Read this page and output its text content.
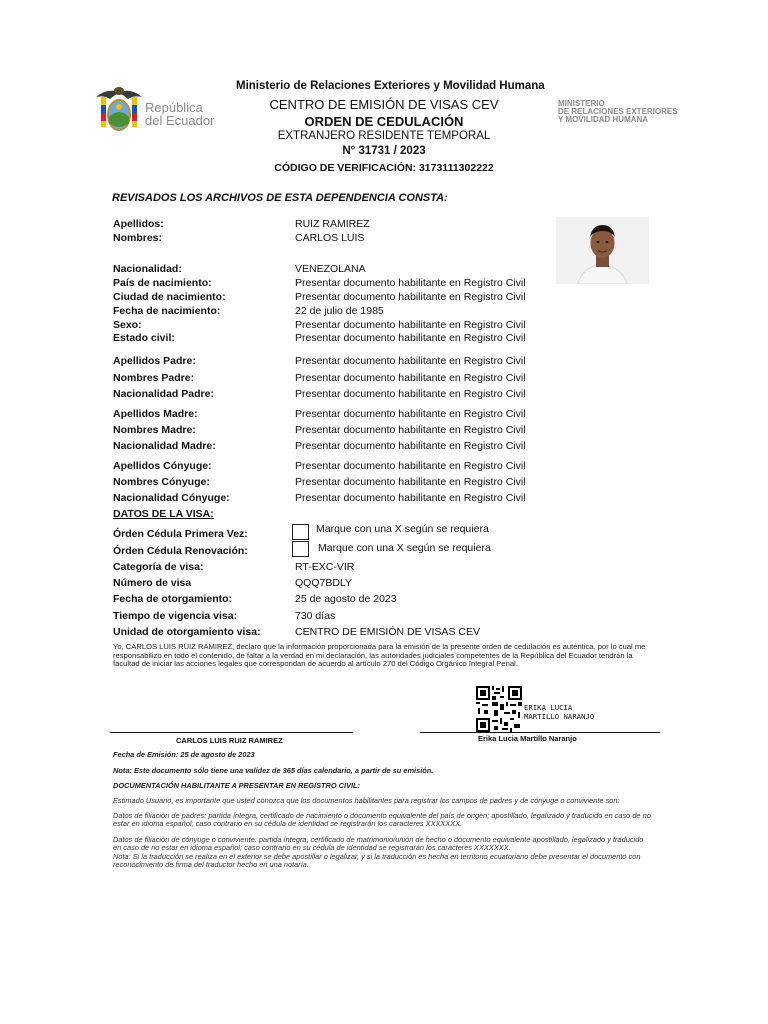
República
del Ecuador
Ministerio de Relaciones Exteriores y Movilidad Humana
CENTRO DE EMISIÓN DE VISAS CEV
ORDEN DE CEDULACIÓN
EXTRANJERO RESIDENTE TEMPORAL
N° 31731 / 2023
CÓDIGO DE VERIFICACIÓN: 3173111302222
MINISTERIO
DE RELACIONES EXTERIORES
Y MOVILIDAD HUMANA
REVISADOS LOS ARCHIVOS DE ESTA DEPENDENCIA CONSTA:
Apellidos:	RUIZ RAMIREZ
Nombres:	CARLOS LUIS
Nacionalidad:	VENEZOLANA
País de nacimiento:	Presentar documento habilitante en Registro Civil
Ciudad de nacimiento:	Presentar documento habilitante en Registro Civil
Fecha de nacimiento:	22 de julio de 1985
Sexo:	Presentar documento habilitante en Registro Civil
Estado civil:	Presentar documento habilitante en Registro Civil
Apellidos Padre:	Presentar documento habilitante en Registro Civil
Nombres Padre:	Presentar documento habilitante en Registro Civil
Nacionalidad Padre:	Presentar documento habilitante en Registro Civil
Apellidos Madre:	Presentar documento habilitante en Registro Civil
Nombres Madre:	Presentar documento habilitante en Registro Civil
Nacionalidad Madre:	Presentar documento habilitante en Registro Civil
Apellidos Cónyuge:	Presentar documento habilitante en Registro Civil
Nombres Cónyuge:	Presentar documento habilitante en Registro Civil
Nacionalidad Cónyuge:	Presentar documento habilitante en Registro Civil
DATOS DE LA VISA:
Órden Cédula Primera Vez:	Marque con una X según se requiera
Órden Cédula Renovación:	Marque con una X según se requiera
Categoría de visa:	RT-EXC-VIR
Número de visa	QQQ7BDLY
Fecha de otorgamiento:	25 de agosto de 2023
Tiempo de vigencia visa:	730 días
Unidad de otorgamiento visa:	CENTRO DE EMISIÓN DE VISAS CEV
Yo, CARLOS LUIS RUIZ RAMIREZ, declaro que la información proporcionada para la emisión de la presente orden de cedulación es auténtica, por lo cual me responsabilizo en todo el contenido, de faltar a la verdad en mi declaración, las autoridades judiciales competentes de la República del Ecuador tendrán la facultad de iniciar las acciones legales que correspondan de acuerdo al artículo 270 del Código Orgánico Integral Penal.
ERIKA LUCIA
MARTILLO NARANJO
CARLOS LUIS RUIZ RAMIREZ	Erika Lucia Martillo Naranjo
Fecha de Emisión: 25 de agosto de 2023
Nota: Este documento sólo tiene una validez de 365 días calendario, a partir de su emisión.
DOCUMENTACIÓN HABILITANTE A PRESENTAR EN REGISTRO CIVIL:
Estimado Usuario, es importante que usted conozca que los documentos habilitantes para registrar los campos de padres y de cónyuge o conviviente son:
Datos de filiación de padres: partida íntegra, certificado de nacimiento o documento equivalente del país de origen; apostillado, legalizado y traducido en caso de no estar en idioma español; caso contrario en su cédula de identidad se registrarán los caracteres XXXXXXX.
Datos de filiación de cónyuge o conviviente: partida íntegra, certificado de matrimonio/unión de hecho o documento equivalente apostillado, legalizado y traducido en caso de no estar en idioma español; caso contrario en su cédula de identidad se registrarán los caracteres XXXXXXX.
Nota: Si la traducción se realiza en el exterior se debe apostillar o legalizar, y si la traducción es hecha en territorio ecuatoriano debe presentar el documento con reconocimiento de firma del traductor hecho en una notaría.
